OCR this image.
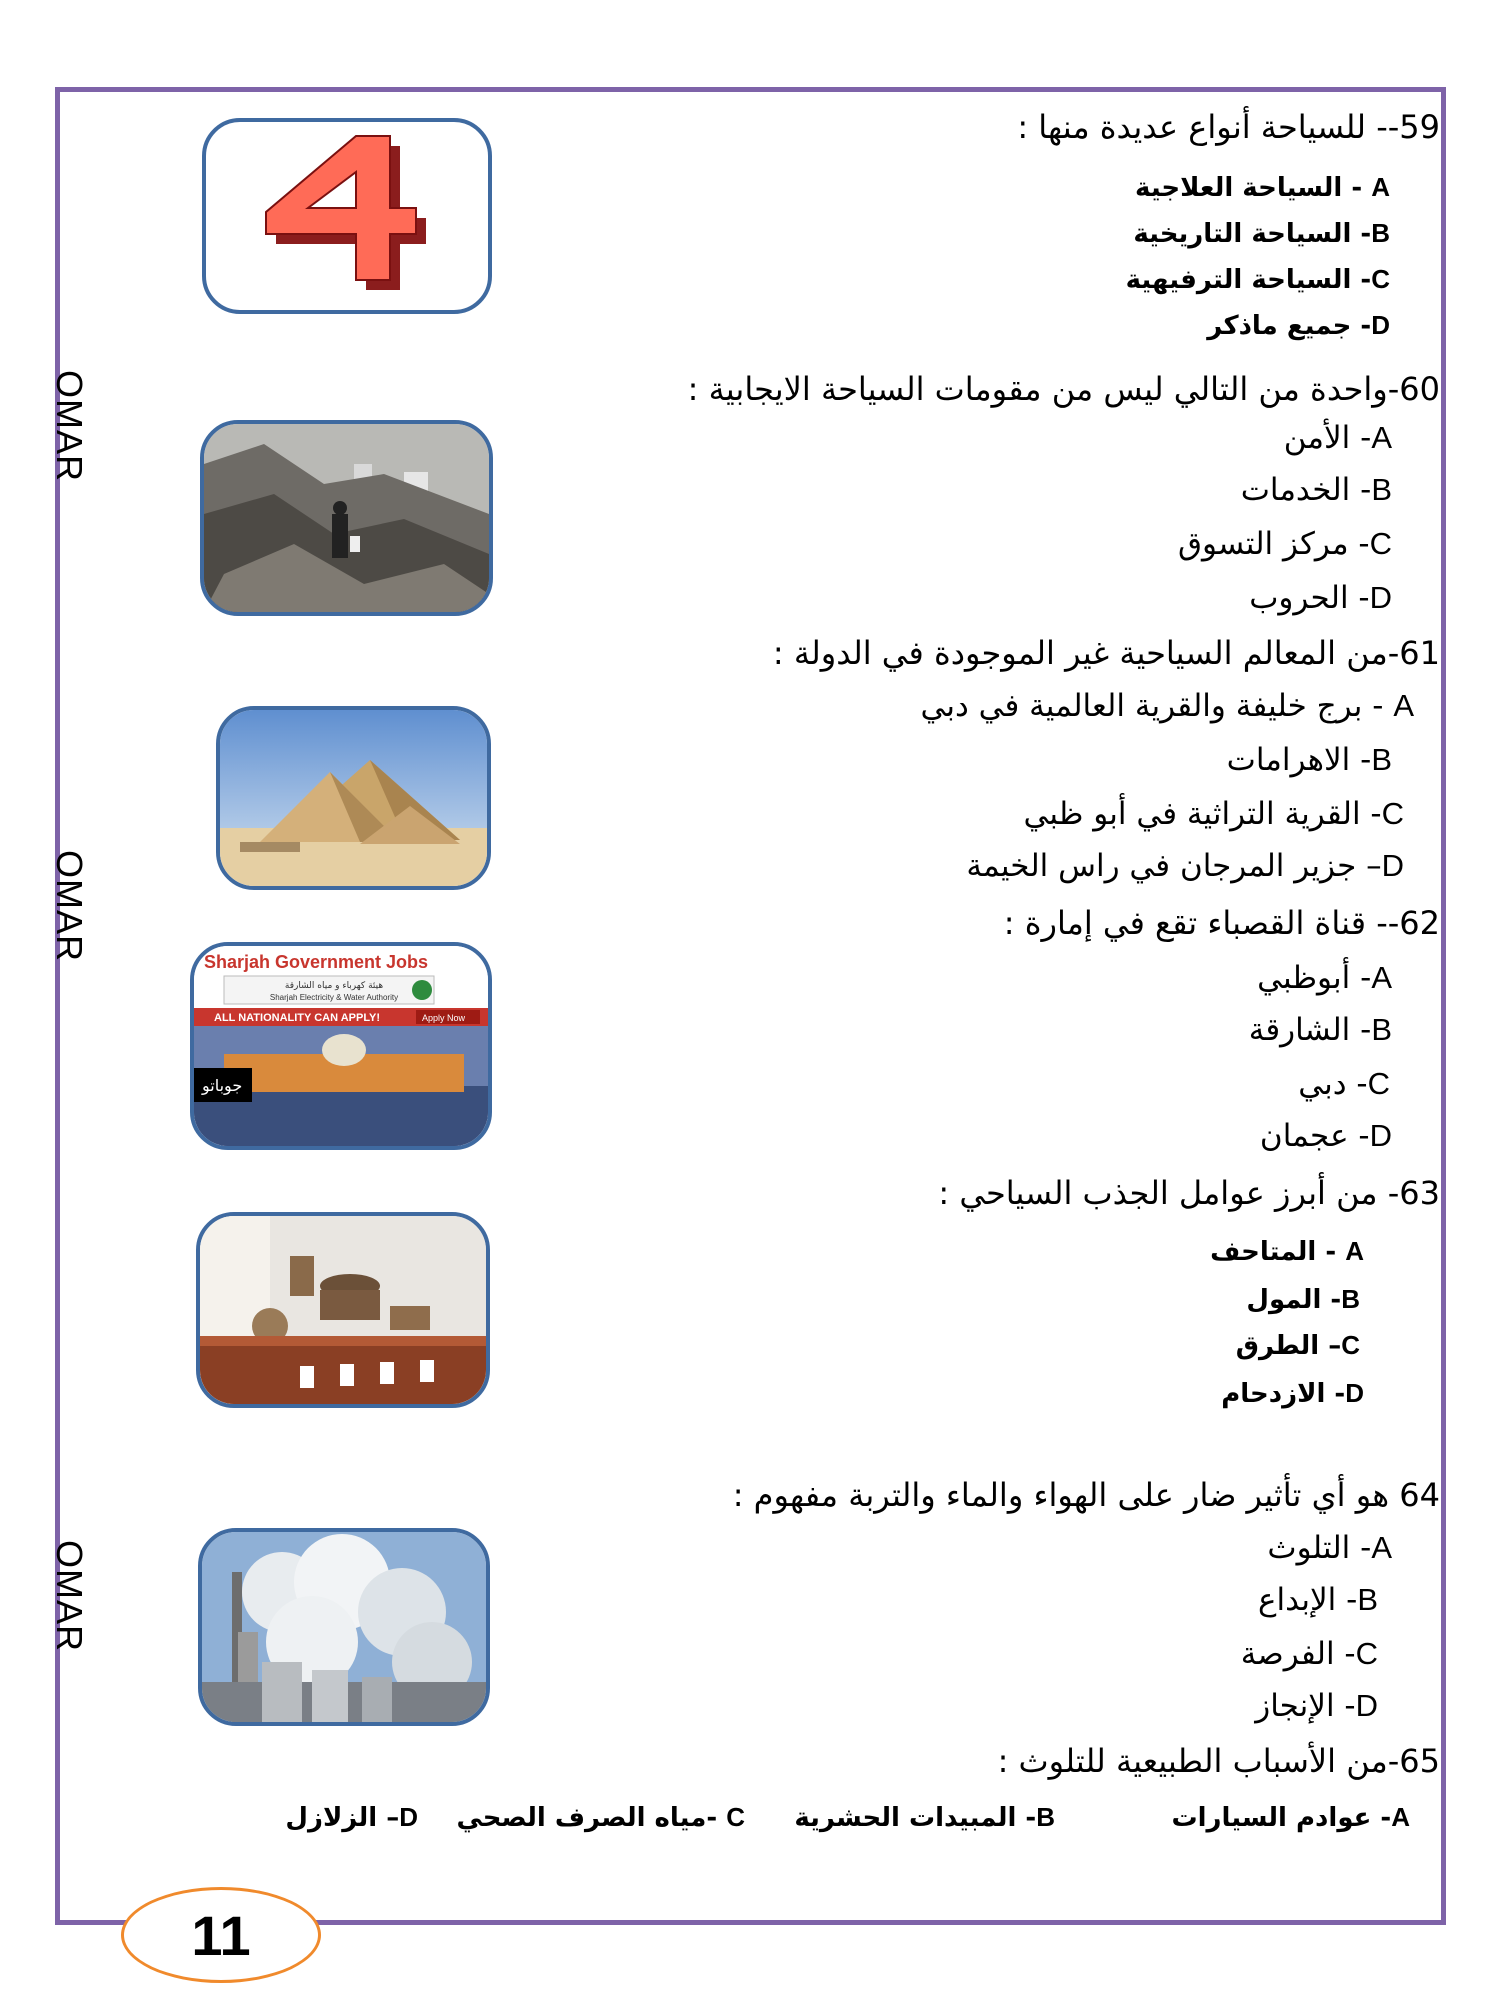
OMAR
OMAR
OMAR
59-- للسياحة أنواع عديدة منها :
A - السياحة العلاجية
B- السياحة التاريخية
C- السياحة الترفيهية
D- جميع ماذكر
60-واحدة من التالي ليس من مقومات السياحة الايجابية :
A- الأمن
B- الخدمات
C- مركز التسوق
D- الحروب
61-من المعالم السياحية غير الموجودة في الدولة :
A - برج خليفة والقرية العالمية في دبي
B- الاهرامات
C- القرية التراثية في أبو ظبي
D– جزير المرجان في راس الخيمة
Sharjah Government Jobs
هيئة كهرباء و مياه الشارقة
Sharjah Electricity & Water Authority
ALL NATIONALITY CAN APPLY!	Apply Now
جوباتو
62-- قناة القصباء تقع في إمارة :
A- أبوظبي
B- الشارقة
C- دبي
D- عجمان
63- من أبرز عوامل الجذب السياحي :
A - المتاحف
B- المول
C– الطرق
D- الازدحام
64 هو أي تأثير ضار على الهواء والماء والتربة مفهوم :
A- التلوث
B- الإبداع
C- الفرصة
D- الإنجاز
65-من الأسباب الطبيعية للتلوث :
A- عوادم السيارات
B- المبيدات الحشرية
C -مياه الصرف الصحي
D– الزلازل
11
